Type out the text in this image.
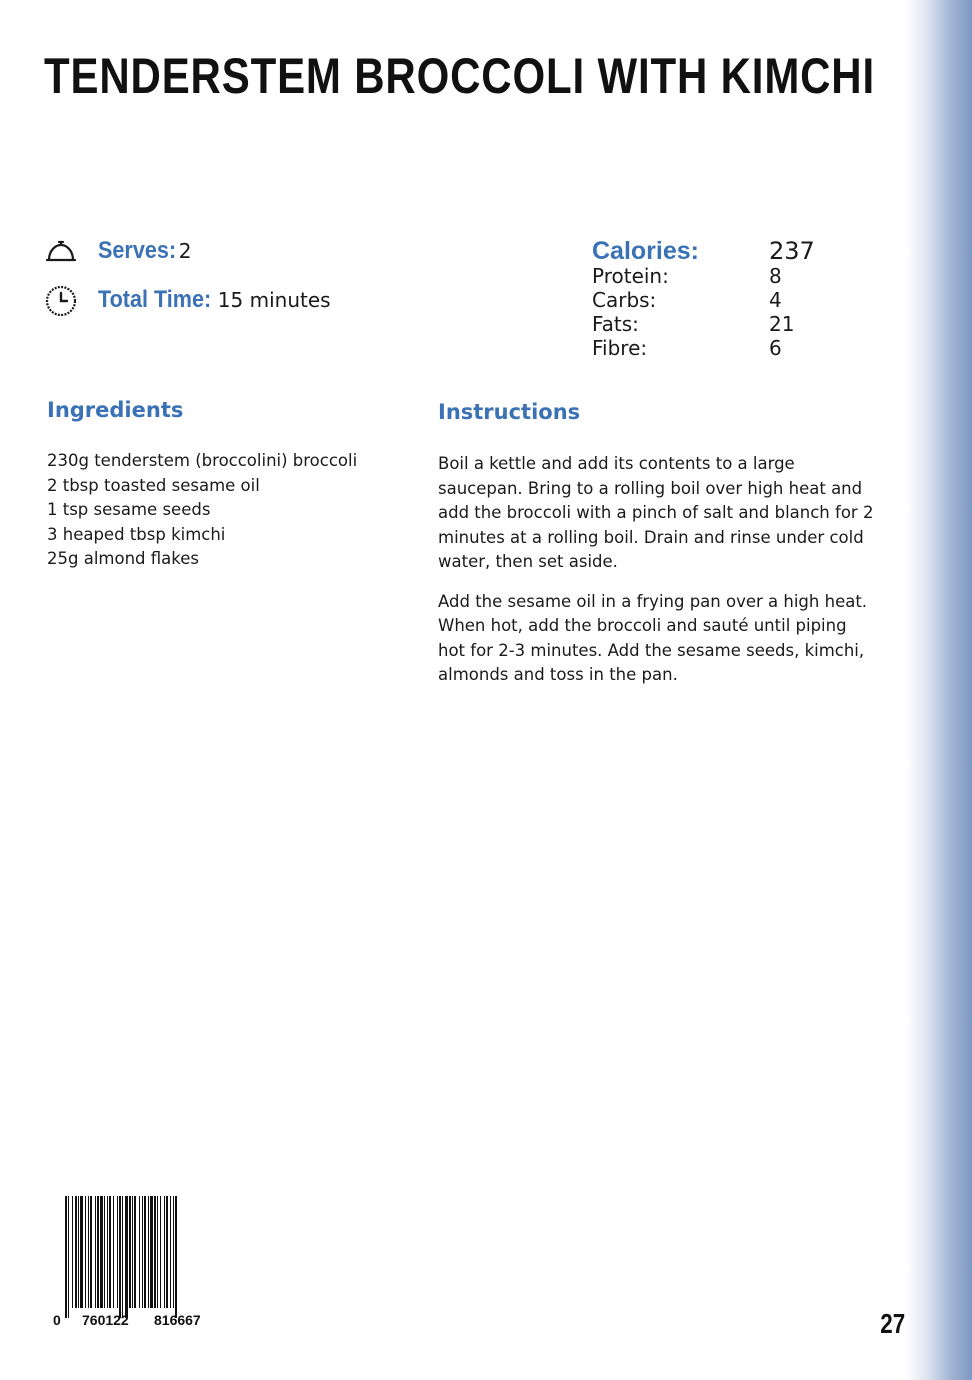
TENDERSTEM BROCCOLI WITH KIMCHI
Serves: 2
Total Time: 15 minutes
Calories:	237
Protein:	8
Carbs:	4
Fats:	21
Fibre:	6
Ingredients
230g tenderstem (broccolini) broccoli
2 tbsp toasted sesame oil
1 tsp sesame seeds
3 heaped tbsp kimchi
25g almond flakes
Instructions

Boil a kettle and add its contents to a large saucepan. Bring to a rolling boil over high heat and add the broccoli with a pinch of salt and blanch for 2 minutes at a rolling boil. Drain and rinse under cold water, then set aside.

Add the sesame oil in a frying pan over a high heat. When hot, add the broccoli and sauté until piping hot for 2-3 minutes. Add the sesame seeds, kimchi, almonds and toss in the pan.

0 760122 816667	27
